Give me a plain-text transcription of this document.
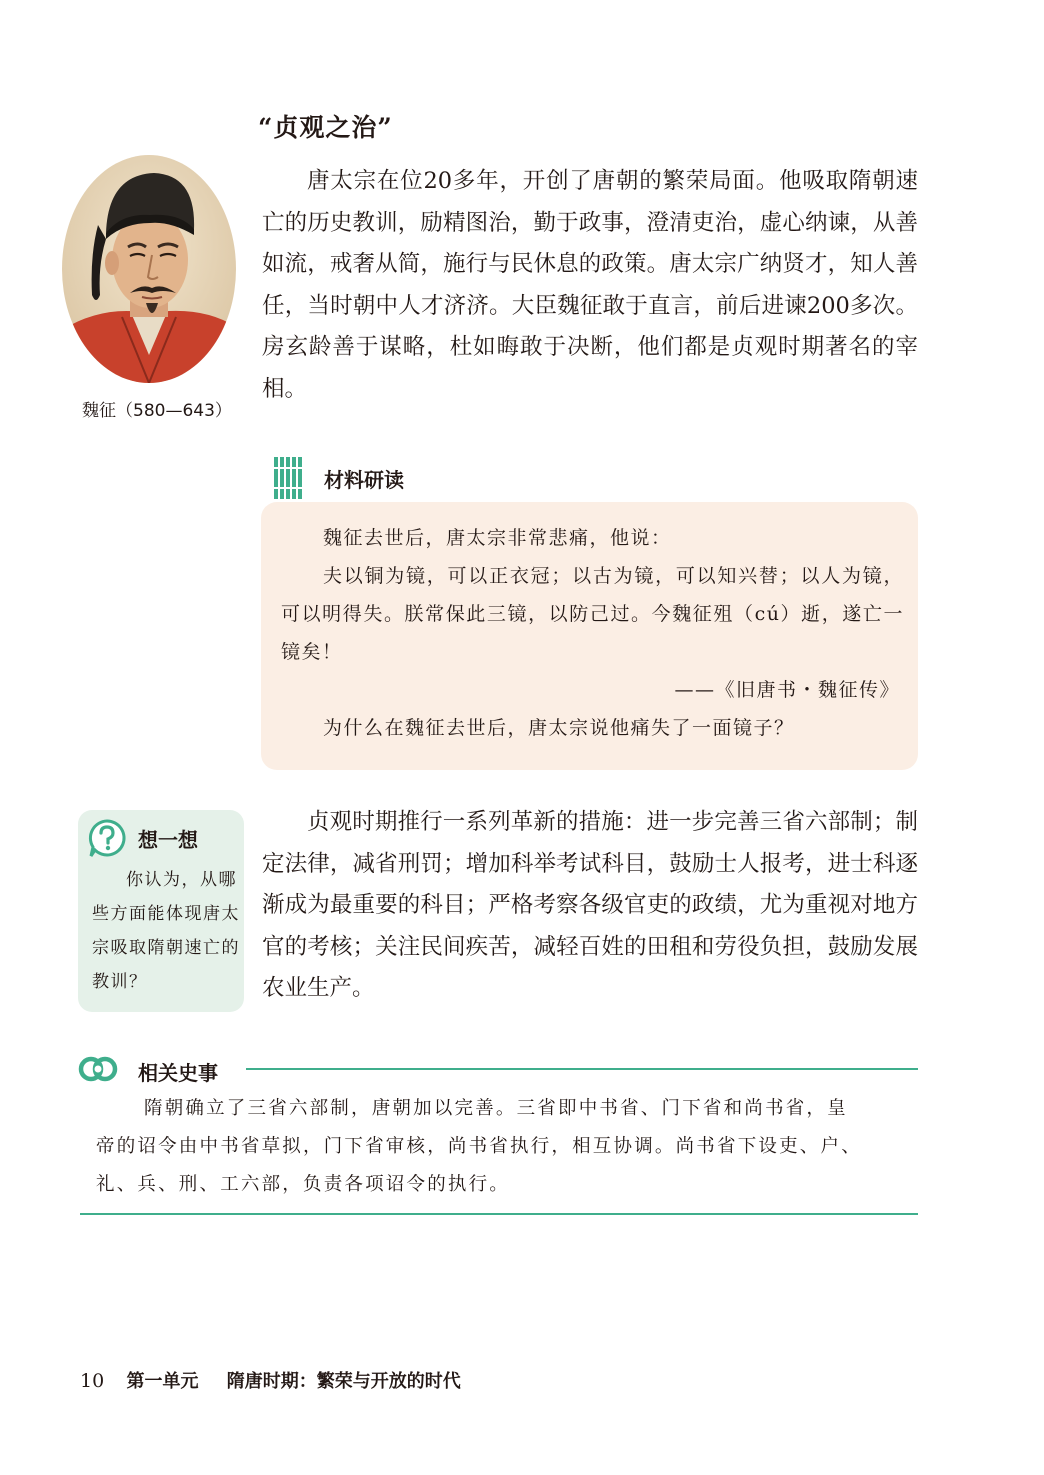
“贞观之治”
魏征（580—643）

唐太宗在位20多年，开创了唐朝的繁荣局面。他吸取隋朝速亡的历史教训，励精图治，勤于政事，澄清吏治，虚心纳谏，从善如流，戒奢从简，施行与民休息的政策。唐太宗广纳贤才，知人善任，当时朝中人才济济。大臣魏征敢于直言，前后进谏200多次。房玄龄善于谋略，杜如晦敢于决断，他们都是贞观时期著名的宰相。

材料研读
魏征去世后，唐太宗非常悲痛，他说：
夫以铜为镜，可以正衣冠；以古为镜，可以知兴替；以人为镜，可以明得失。朕常保此三镜，以防己过。今魏征殂（cú）逝，遂亡一镜矣！
——《旧唐书・魏征传》
为什么在魏征去世后，唐太宗说他痛失了一面镜子？
想一想
你认为，从哪些方面能体现唐太宗吸取隋朝速亡的教训？

贞观时期推行一系列革新的措施：进一步完善三省六部制；制定法律，减省刑罚；增加科举考试科目，鼓励士人报考，进士科逐渐成为最重要的科目；严格考察各级官吏的政绩，尤为重视对地方官的考核；关注民间疾苦，减轻百姓的田租和劳役负担，鼓励发展农业生产。

相关史事
隋朝确立了三省六部制，唐朝加以完善。三省即中书省、门下省和尚书省，皇
帝的诏令由中书省草拟，门下省审核，尚书省执行，相互协调。尚书省下设吏、户、
礼、兵、刑、工六部，负责各项诏令的执行。
10 第一单元 隋唐时期：繁荣与开放的时代
